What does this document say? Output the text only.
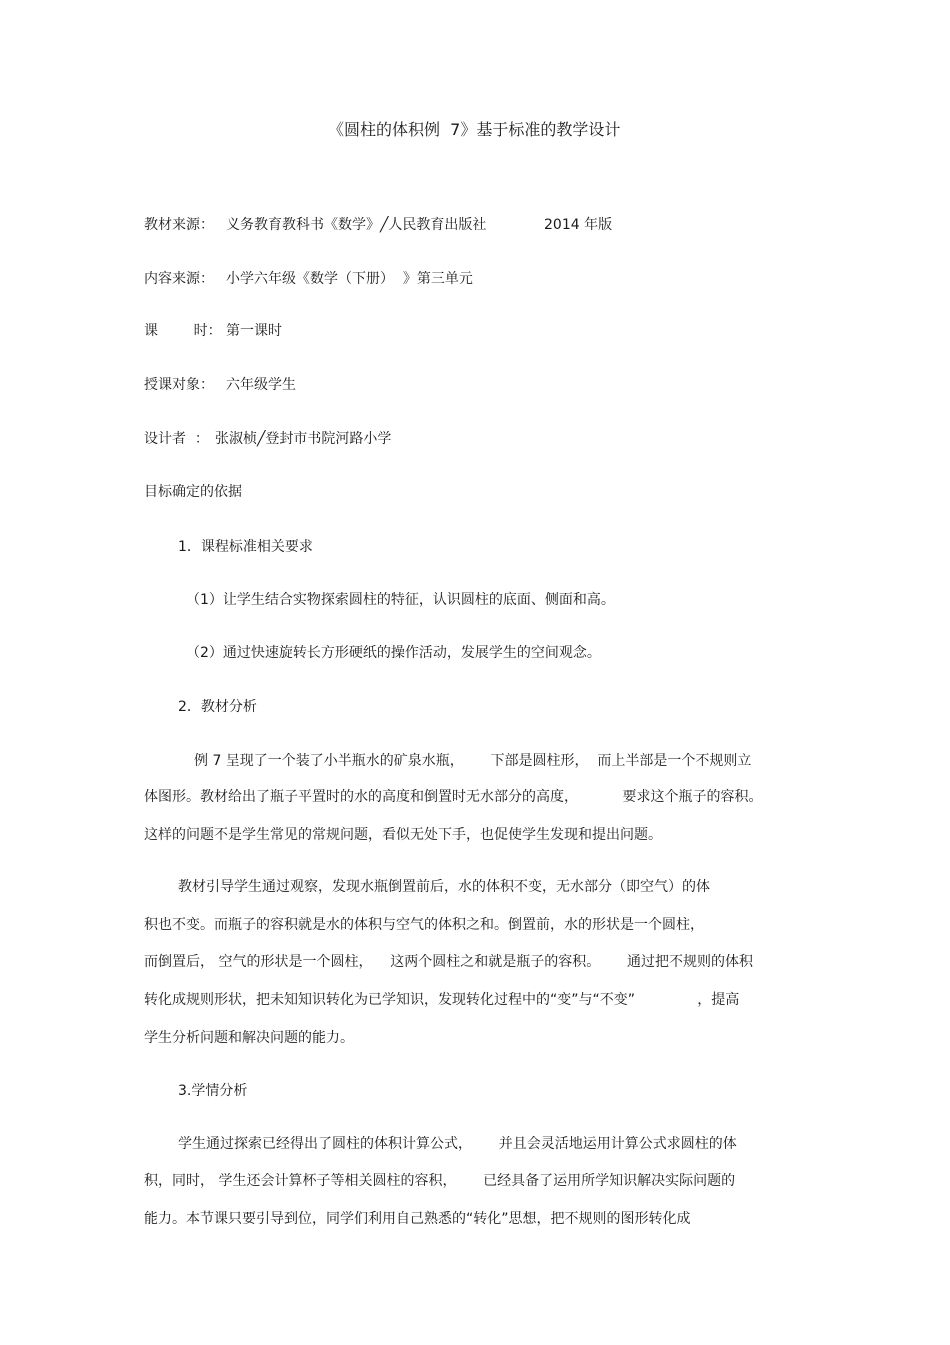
《圆柱的体积例  7》基于标准的教学设计
教材来源： 义务教育教科书《数学》╱人民教育出版社	2014 年版
内容来源： 小学六年级《数学（下册）  》第三单元
课        时： 第一课时
授课对象： 六年级学生
设计者  ： 张淑桢╱登封市书院河路小学
目标确定的依据
1．课程标准相关要求
（1）让学生结合实物探索圆柱的特征，认识圆柱的底面、侧面和高。
（2）通过快速旋转长方形硬纸的操作活动，发展学生的空间观念。
2．教材分析
例 7 呈现了一个装了小半瓶水的矿泉水瓶，      下部是圆柱形，  而上半部是一个不规则立
体图形。教材给出了瓶子平置时的水的高度和倒置时无水部分的高度，          要求这个瓶子的容积。
这样的问题不是学生常见的常规问题，看似无处下手，也促使学生发现和提出问题。
教材引导学生通过观察，发现水瓶倒置前后，水的体积不变，无水部分（即空气）的体
积也不变。而瓶子的容积就是水的体积与空气的体积之和。倒置前，水的形状是一个圆柱，
而倒置后， 空气的形状是一个圆柱，    这两个圆柱之和就是瓶子的容积。      通过把不规则的体积
转化成规则形状，把未知知识转化为已学知识，发现转化过程中的“变”与“不变”              ，提高
学生分析问题和解决问题的能力。
3.学情分析
学生通过探索已经得出了圆柱的体积计算公式，      并且会灵活地运用计算公式求圆柱的体
积，同时， 学生还会计算杯子等相关圆柱的容积，      已经具备了运用所学知识解决实际问题的
能力。本节课只要引导到位，同学们利用自己熟悉的“转化”思想，把不规则的图形转化成
